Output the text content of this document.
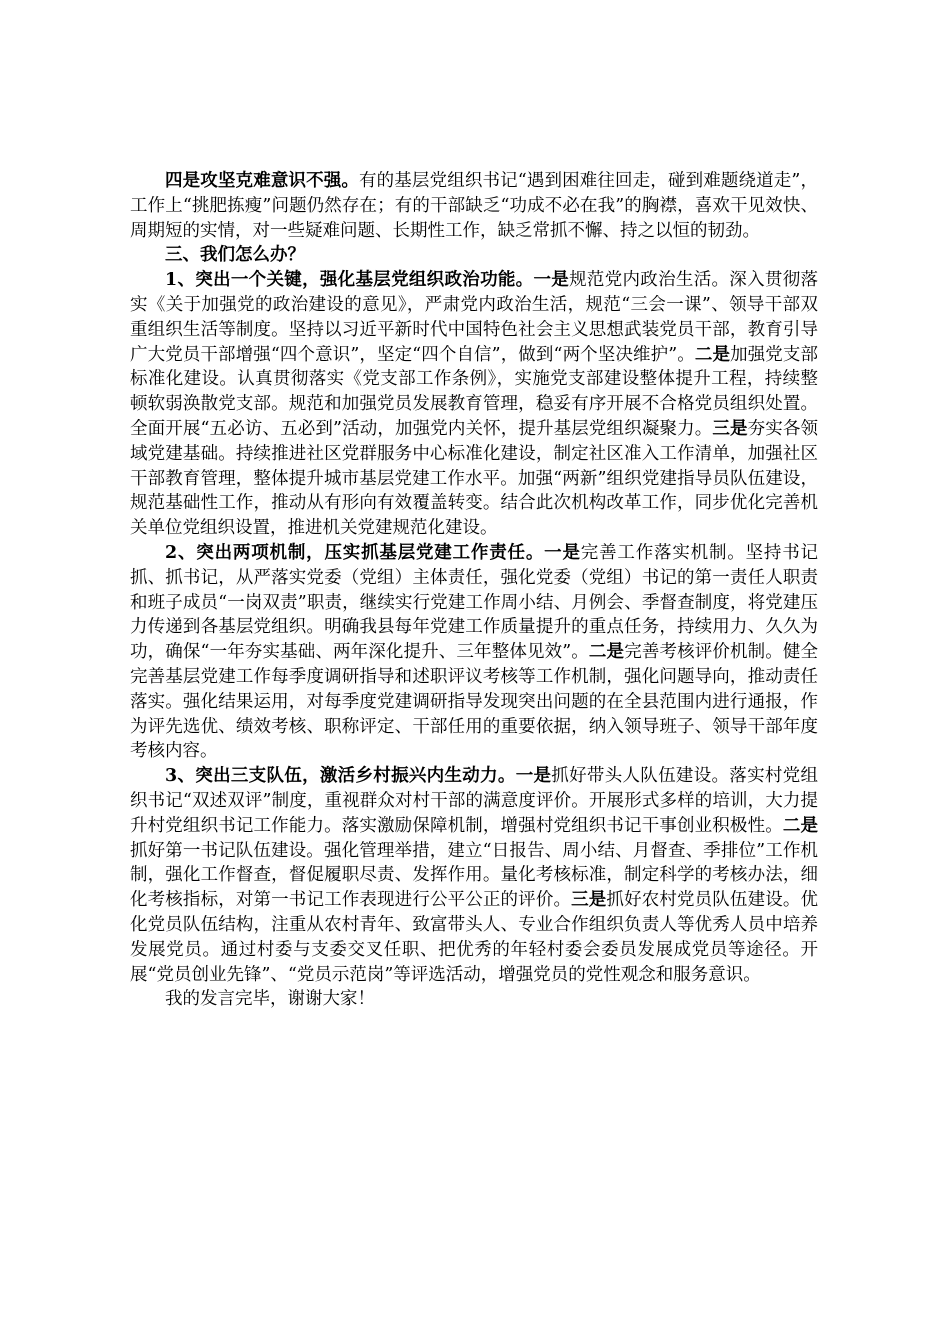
四是攻坚克难意识不强。有的基层党组织书记“遇到困难往回走，碰到难题绕道走”，工作上“挑肥拣瘦”问题仍然存在；有的干部缺乏“功成不必在我”的胸襟，喜欢干见效快、周期短的实情，对一些疑难问题、长期性工作，缺乏常抓不懈、持之以恒的韧劲。

三、我们怎么办？

1、突出一个关键，强化基层党组织政治功能。一是规范党内政治生活。深入贯彻落实《关于加强党的政治建设的意见》，严肃党内政治生活，规范“三会一课”、领导干部双重组织生活等制度。坚持以习近平新时代中国特色社会主义思想武装党员干部，教育引导广大党员干部增强“四个意识”，坚定“四个自信”，做到“两个坚决维护”。二是加强党支部标准化建设。认真贯彻落实《党支部工作条例》，实施党支部建设整体提升工程，持续整顿软弱涣散党支部。规范和加强党员发展教育管理，稳妥有序开展不合格党员组织处置。全面开展“五必访、五必到”活动，加强党内关怀，提升基层党组织凝聚力。三是夯实各领域党建基础。持续推进社区党群服务中心标准化建设，制定社区准入工作清单，加强社区干部教育管理，整体提升城市基层党建工作水平。加强“两新”组织党建指导员队伍建设，规范基础性工作，推动从有形向有效覆盖转变。结合此次机构改革工作，同步优化完善机关单位党组织设置，推进机关党建规范化建设。

2、突出两项机制，压实抓基层党建工作责任。一是完善工作落实机制。坚持书记抓、抓书记，从严落实党委（党组）主体责任，强化党委（党组）书记的第一责任人职责和班子成员“一岗双责”职责，继续实行党建工作周小结、月例会、季督查制度，将党建压力传递到各基层党组织。明确我县每年党建工作质量提升的重点任务，持续用力、久久为功，确保“一年夯实基础、两年深化提升、三年整体见效”。二是完善考核评价机制。健全完善基层党建工作每季度调研指导和述职评议考核等工作机制，强化问题导向，推动责任落实。强化结果运用，对每季度党建调研指导发现突出问题的在全县范围内进行通报，作为评先选优、绩效考核、职称评定、干部任用的重要依据，纳入领导班子、领导干部年度考核内容。

3、突出三支队伍，激活乡村振兴内生动力。一是抓好带头人队伍建设。落实村党组织书记“双述双评”制度，重视群众对村干部的满意度评价。开展形式多样的培训，大力提升村党组织书记工作能力。落实激励保障机制，增强村党组织书记干事创业积极性。二是抓好第一书记队伍建设。强化管理举措，建立“日报告、周小结、月督查、季排位”工作机制，强化工作督查，督促履职尽责、发挥作用。量化考核标准，制定科学的考核办法，细化考核指标，对第一书记工作表现进行公平公正的评价。三是抓好农村党员队伍建设。优化党员队伍结构，注重从农村青年、致富带头人、专业合作组织负责人等优秀人员中培养发展党员。通过村委与支委交叉任职、把优秀的年轻村委会委员发展成党员等途径。开展“党员创业先锋”、“党员示范岗”等评选活动，增强党员的党性观念和服务意识。

我的发言完毕，谢谢大家！
